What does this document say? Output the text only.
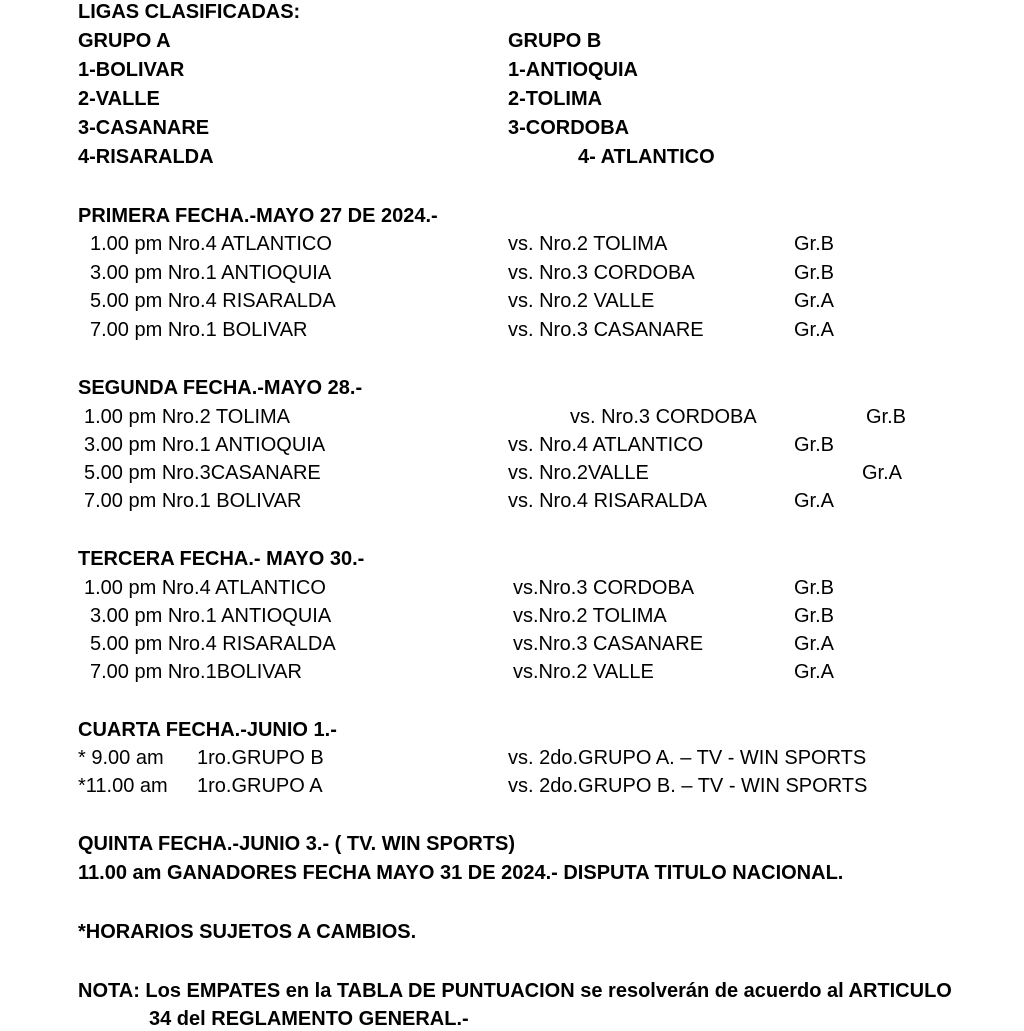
LIGAS CLASIFICADAS:
GRUPO A	GRUPO B
1-BOLIVAR	1-ANTIOQUIA
2-VALLE	2-TOLIMA
3-CASANARE	3-CORDOBA
4-RISARALDA	4- ATLANTICO
PRIMERA FECHA.-MAYO 27 DE 2024.-
1.00 pm Nro.4 ATLANTICO	vs. Nro.2 TOLIMA	Gr.B
3.00 pm Nro.1 ANTIOQUIA	vs. Nro.3 CORDOBA	Gr.B
5.00 pm Nro.4 RISARALDA	vs. Nro.2 VALLE	Gr.A
7.00 pm Nro.1 BOLIVAR	vs. Nro.3 CASANARE	Gr.A
SEGUNDA FECHA.-MAYO 28.-
1.00 pm Nro.2 TOLIMA	vs. Nro.3 CORDOBA	Gr.B
3.00 pm Nro.1 ANTIOQUIA	vs. Nro.4 ATLANTICO	Gr.B
5.00 pm Nro.3CASANARE	vs. Nro.2VALLE	Gr.A
7.00 pm Nro.1 BOLIVAR	vs. Nro.4 RISARALDA	Gr.A
TERCERA FECHA.- MAYO 30.-
1.00 pm Nro.4 ATLANTICO	vs.Nro.3 CORDOBA	Gr.B
3.00 pm Nro.1 ANTIOQUIA	vs.Nro.2 TOLIMA	Gr.B
5.00 pm Nro.4 RISARALDA	vs.Nro.3 CASANARE	Gr.A
7.00 pm Nro.1BOLIVAR	vs.Nro.2 VALLE	Gr.A
CUARTA FECHA.-JUNIO 1.-
* 9.00 am 1ro.GRUPO B	vs. 2do.GRUPO A. – TV - WIN SPORTS
*11.00 am 1ro.GRUPO A	vs. 2do.GRUPO B. – TV - WIN SPORTS
QUINTA FECHA.-JUNIO 3.- ( TV. WIN SPORTS)
11.00 am GANADORES FECHA MAYO 31 DE 2024.- DISPUTA TITULO NACIONAL.
*HORARIOS SUJETOS A CAMBIOS.
NOTA: Los EMPATES en la TABLA DE PUNTUACION se resolverán de acuerdo al ARTICULO
34 del REGLAMENTO GENERAL.-
